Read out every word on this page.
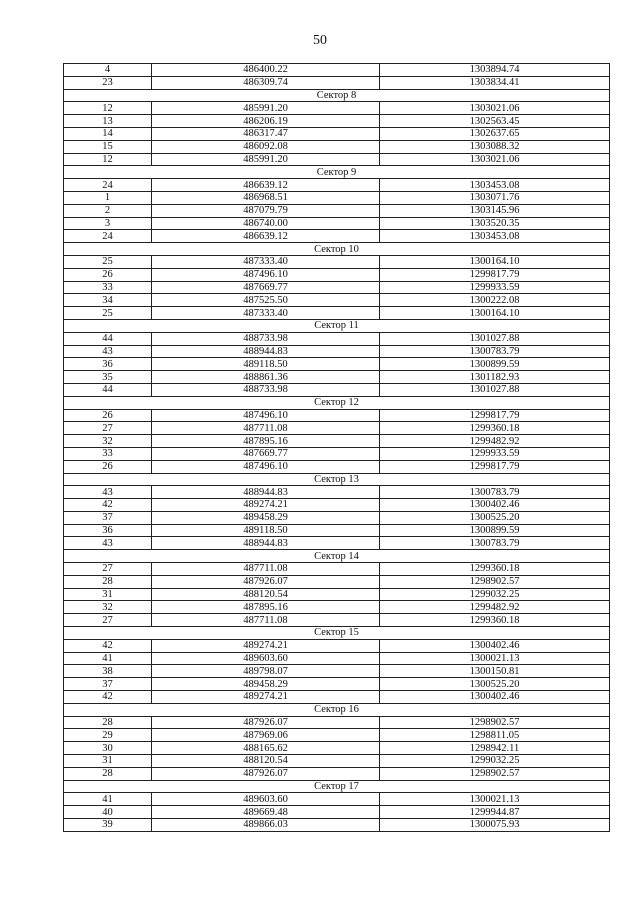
50
4	486400.22	1303894.74
23	486309.74	1303834.41
Сектор 8		
12	485991.20	1303021.06
13	486206.19	1302563.45
14	486317.47	1302637.65
15	486092.08	1303088.32
12	485991.20	1303021.06
Сектор 9		
24	486639.12	1303453.08
1	486968.51	1303071.76
2	487079.79	1303145.96
3	486740.00	1303520.35
24	486639.12	1303453.08
Сектор 10		
25	487333.40	1300164.10
26	487496.10	1299817.79
33	487669.77	1299933.59
34	487525.50	1300222.08
25	487333.40	1300164.10
Сектор 11		
44	488733.98	1301027.88
43	488944.83	1300783.79
36	489118.50	1300899.59
35	488861.36	1301182.93
44	488733.98	1301027.88
Сектор 12		
26	487496.10	1299817.79
27	487711.08	1299360.18
32	487895.16	1299482.92
33	487669.77	1299933.59
26	487496.10	1299817.79
Сектор 13		
43	488944.83	1300783.79
42	489274.21	1300402.46
37	489458.29	1300525.20
36	489118.50	1300899.59
43	488944.83	1300783.79
Сектор 14		
27	487711.08	1299360.18
28	487926.07	1298902.57
31	488120.54	1299032.25
32	487895.16	1299482.92
27	487711.08	1299360.18
Сектор 15		
42	489274.21	1300402.46
41	489603.60	1300021.13
38	489798.07	1300150.81
37	489458.29	1300525.20
42	489274.21	1300402.46
Сектор 16		
28	487926.07	1298902.57
29	487969.06	1298811.05
30	488165.62	1298942.11
31	488120.54	1299032.25
28	487926.07	1298902.57
Сектор 17		
41	489603.60	1300021.13
40	489669.48	1299944.87
39	489866.03	1300075.93
